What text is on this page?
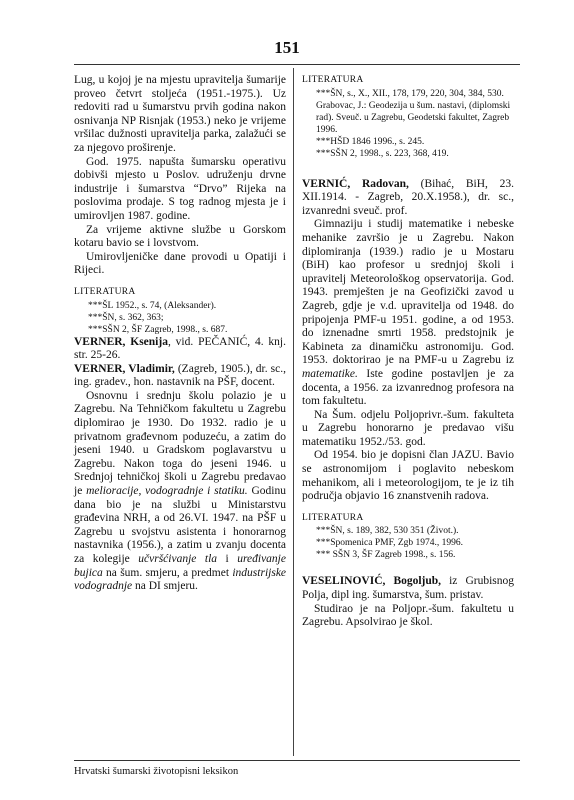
151

Lug, u kojoj je na mjestu upravitelja šumarije proveo četvrt stoljeća (1951.-1975.). Uz redoviti rad u šumarstvu prvih godina nakon osnivanja NP Risnjak (1953.) neko je vrijeme vršilac dužnosti upravitelja parka, zalažući se za njegovo proširenje.

God. 1975. napušta šumarsku operativu dobivši mjesto u Poslov. udruženju drvne industrije i šumarstva “Drvo” Rijeka na poslovima prodaje. S tog radnog mjesta je i umirovljen 1987. godine.

Za vrijeme aktivne službe u Gorskom kotaru bavio se i lovstvom.

Umirovljeničke dane provodi u Opatiji i Rijeci.

LITERATURA
***ŠL 1952., s. 74, (Aleksander).
***ŠN, s. 362, 363;
***SŠN 2, ŠF Zagreb, 1998., s. 687.

VERNER, Ksenija, vid. PEČANIĆ, 4. knj. str. 25-26.

VERNER, Vladimir, (Zagreb, 1905.), dr. sc., ing. gradev., hon. nastavnik na PŠF, docent.

Osnovnu i srednju školu polazio je u Zagrebu. Na Tehničkom fakultetu u Zagrebu diplomirao je 1930. Do 1932. radio je u privatnom građevnom poduzeću, a zatim do jeseni 1940. u Gradskom poglavarstvu u Zagrebu. Nakon toga do jeseni 1946. u Srednjoj tehničkoj školi u Zagrebu predavao je melioracije, vodogradnje i statiku. Godinu dana bio je na službi u Ministarstvu građevina NRH, a od 26.VI. 1947. na PŠF u Zagrebu u svojstvu asistenta i honorarnog nastavnika (1956.), a zatim u zvanju docenta za kolegije učvršćivanje tla i uređivanje bujica na šum. smjeru, a predmet industrijske vodogradnje na DI smjeru.

LITERATURA
***ŠN, s., X., XII., 178, 179, 220, 304, 384, 530.
Grabovac, J.: Geodezija u šum. nastavi, (diplomski rad). Sveuč. u Zagrebu, Geodetski fakultet, Zagreb 1996.
***HŠD 1846 1996., s. 245.
***SŠN 2, 1998., s. 223, 368, 419.

VERNIĆ, Radovan, (Bihać, BiH, 23. XII.1914. - Zagreb, 20.X.1958.), dr. sc., izvanredni sveuč. prof.

Gimnaziju i studij matematike i nebeske mehanike završio je u Zagrebu. Nakon diplomiranja (1939.) radio je u Mostaru (BiH) kao profesor u srednjoj školi i upravitelj Meteorološkog opservatorija. God. 1943. premješten je na Geofizički zavod u Zagreb, gdje je v.d. upravitelja od 1948. do pripojenja PMF-u 1951. godine, a od 1953. do iznenadne smrti 1958. predstojnik je Kabineta za dinamičku astronomiju. God. 1953. doktorirao je na PMF-u u Zagrebu iz matematike. Iste godine postavljen je za docenta, a 1956. za izvanrednog profesora na tom fakultetu.

Na Šum. odjelu Poljoprivr.-šum. fakulteta u Zagrebu honorarno je predavao višu matematiku 1952./53. god.

Od 1954. bio je dopisni član JAZU. Bavio se astronomijom i poglavito nebeskom mehanikom, ali i meteorologijom, te je iz tih područja objavio 16 znanstvenih radova.

LITERATURA
***ŠN, s. 189, 382, 530 351 (Život.).
***Spomenica PMF, Zgb 1974., 1996.
*** SŠN 3, ŠF Zagreb 1998., s. 156.

VESELINOVIĆ, Bogoljub, iz Grubisnog Polja, dipl ing. šumarstva, šum. pristav.

Studirao je na Poljopr.-šum. fakultetu u Zagrebu. Apsolvirao je škol.

Hrvatski šumarski životopisni leksikon
